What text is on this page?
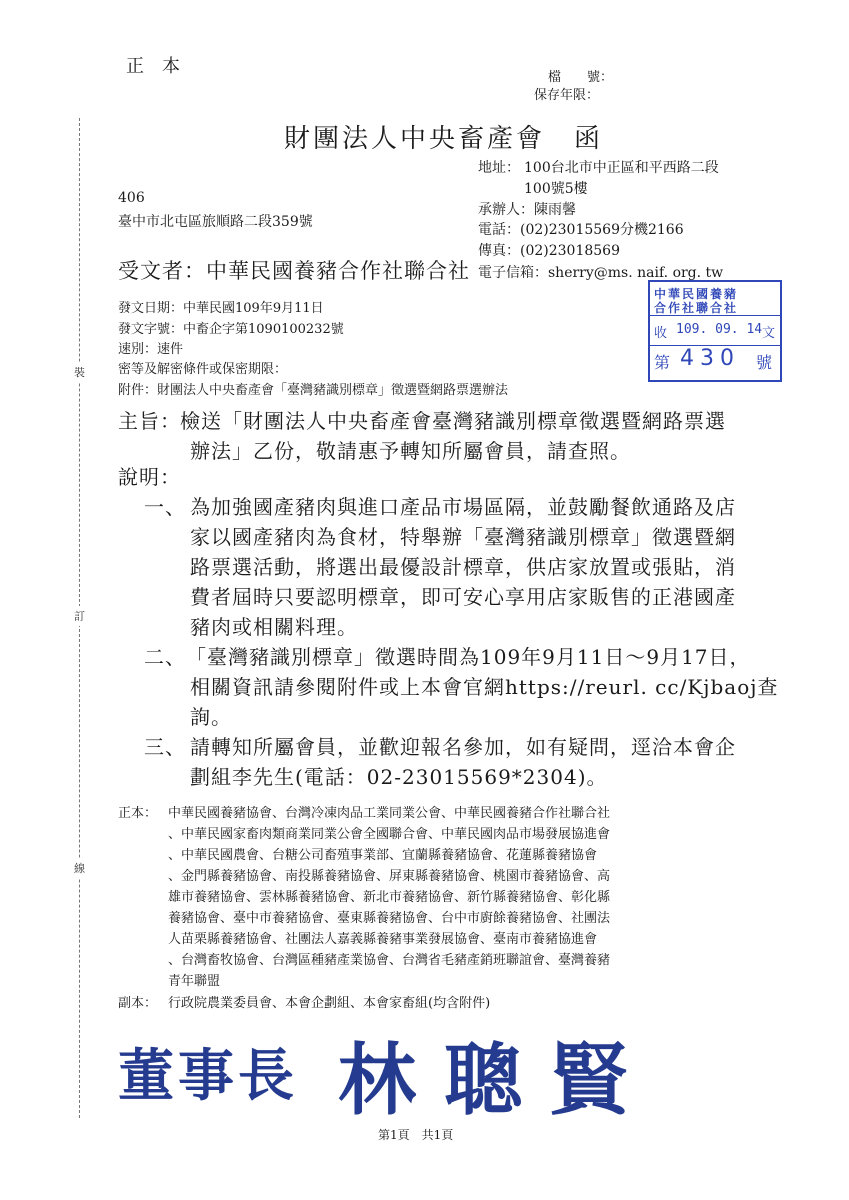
裝
訂
線
正　本
檔　　號：
保存年限：
財團法人中央畜產會　函
地址： 100台北市中正區和平西路二段
100號5樓
承辦人：陳雨馨
電話：(02)23015569分機2166
傳真：(02)23018569
電子信箱：sherry@ms. naif. org. tw
406
臺中市北屯區旅順路二段359號
受文者：中華民國養豬合作社聯合社
發文日期：中華民國109年9月11日
發文字號：中畜企字第1090100232號
速別：速件
密等及解密條件或保密期限：
附件：財團法人中央畜產會「臺灣豬識別標章」徵選暨網路票選辦法
中華民國養豬
合作社聯合社
收 109. 09. 14 文
第 430 號
主旨： 檢送「財團法人中央畜產會臺灣豬識別標章徵選暨網路票選
辦法」乙份，敬請惠予轉知所屬會員，請查照。
說明：
一、 為加強國產豬肉與進口產品市場區隔，並鼓勵餐飲通路及店
家以國產豬肉為食材，特舉辦「臺灣豬識別標章」徵選暨網
路票選活動，將選出最優設計標章，供店家放置或張貼，消
費者屆時只要認明標章，即可安心享用店家販售的正港國產
豬肉或相關料理。
二、 「臺灣豬識別標章」徵選時間為109年9月11日～9月17日，
相關資訊請參閱附件或上本會官網https://reurl. cc/Kjbaoj查
詢。
三、 請轉知所屬會員，並歡迎報名參加，如有疑問，逕洽本會企
劃組李先生(電話：02-23015569*2304)。
正本： 中華民國養豬協會、台灣冷凍肉品工業同業公會、中華民國養豬合作社聯合社
、中華民國家畜肉類商業同業公會全國聯合會、中華民國肉品市場發展協進會
、中華民國農會、台糖公司畜殖事業部、宜蘭縣養豬協會、花蓮縣養豬協會
、金門縣養豬協會、南投縣養豬協會、屏東縣養豬協會、桃園市養豬協會、高
雄市養豬協會、雲林縣養豬協會、新北市養豬協會、新竹縣養豬協會、彰化縣
養豬協會、臺中市養豬協會、臺東縣養豬協會、台中市廚餘養豬協會、社團法
人苗栗縣養豬協會、社團法人嘉義縣養豬事業發展協會、臺南市養豬協進會
、台灣畜牧協會、台灣區種豬產業協會、台灣省毛豬產銷班聯誼會、臺灣養豬
青年聯盟
副本： 行政院農業委員會、本會企劃組、本會家畜組(均含附件)
董事長 林聰賢
第1頁　共1頁
